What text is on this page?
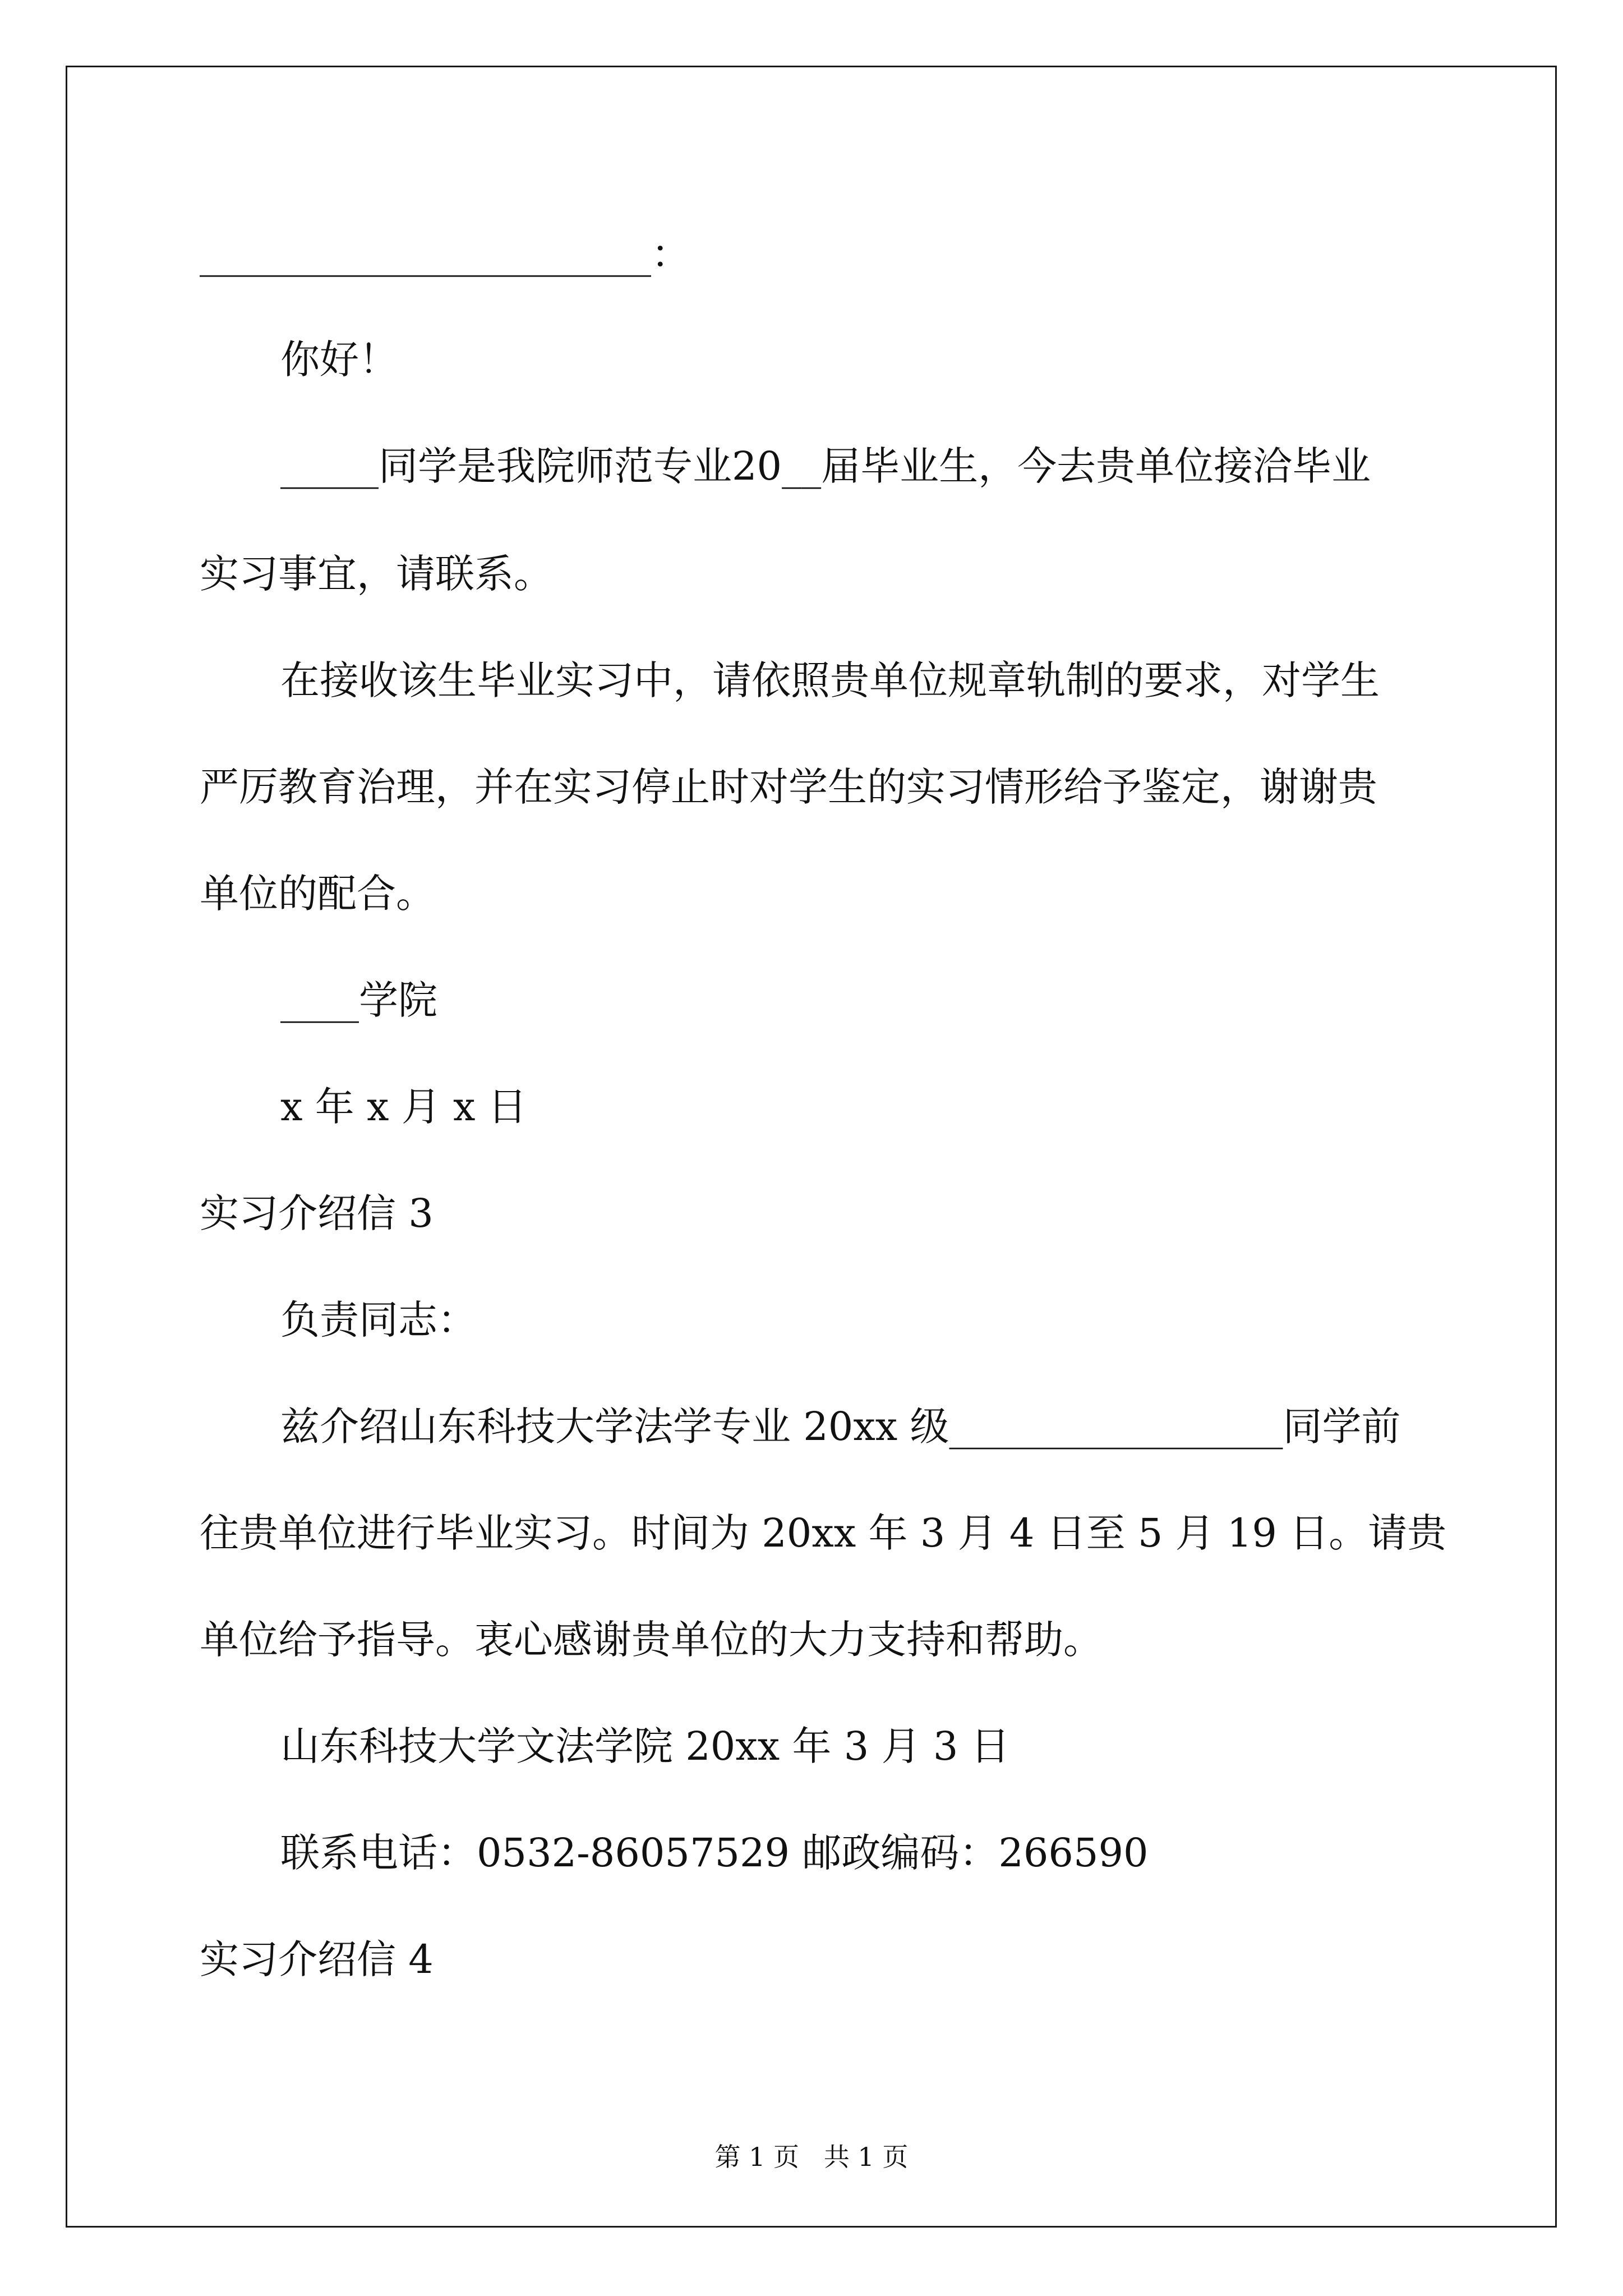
_______________________：
你好！
_____同学是我院师范专业20__届毕业生，今去贵单位接洽毕业
实习事宜，请联系。
在接收该生毕业实习中，请依照贵单位规章轨制的要求，对学生
严厉教育治理，并在实习停止时对学生的实习情形给予鉴定，谢谢贵
单位的配合。
____学院
x 年 x 月 x 日
实习介绍信 3
负责同志：
兹介绍山东科技大学法学专业 20xx 级_________________同学前
往贵单位进行毕业实习。时间为 20xx 年 3 月 4 日至 5 月 19 日。请贵
单位给予指导。衷心感谢贵单位的大力支持和帮助。
山东科技大学文法学院 20xx 年 3 月 3 日
联系电话：0532-86057529 邮政编码：266590
实习介绍信 4
第 1 页   共 1 页
